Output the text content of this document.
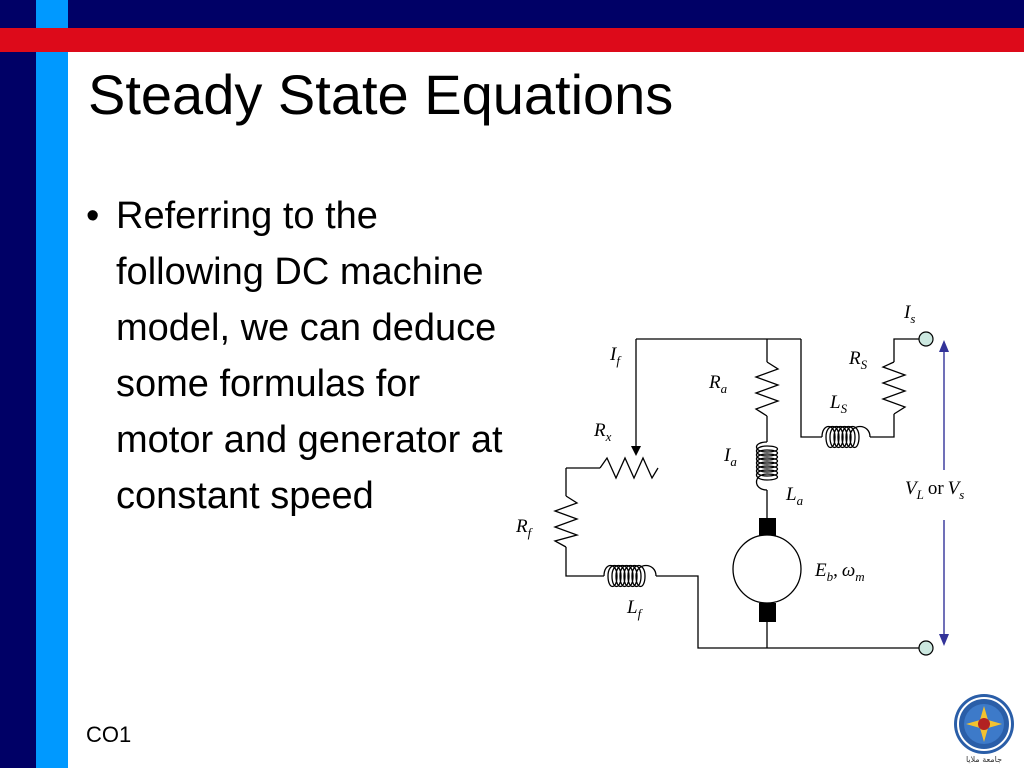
Steady State Equations
• Referring to the following DC machine model, we can deduce some formulas for motor and generator at constant speed
$I_s$
$I_f$
$R_a$
$R_S$
$L_S$
$R_x$
$I_a$
$L_a$
$R_f$
$L_f$
$V_L$ or $V_s$
$E_b$, $\omega_m$
CO1
جامعة ملايا
